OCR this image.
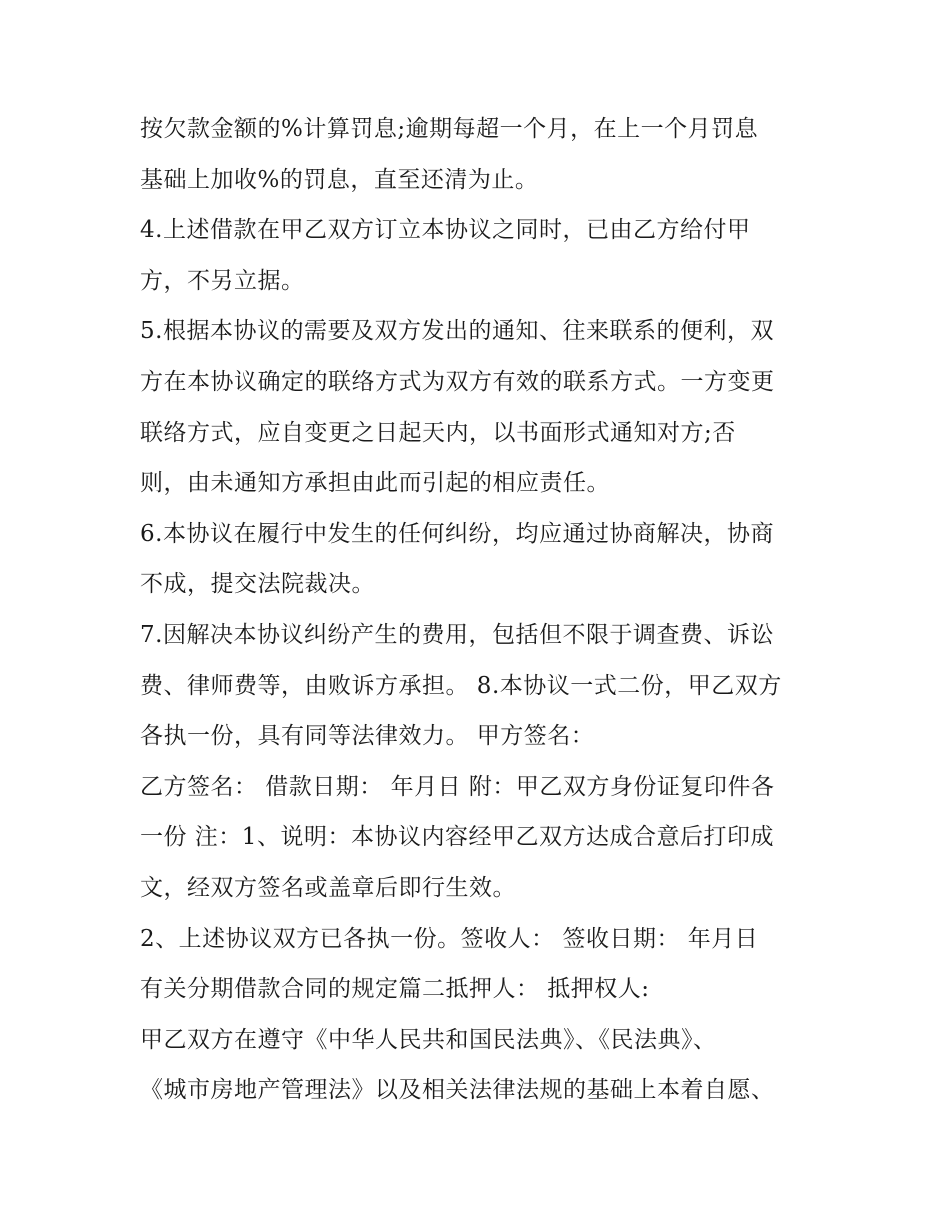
按欠款金额的%计算罚息;逾期每超一个月，在上一个月罚息
基础上加收%的罚息，直至还清为止。
4.上述借款在甲乙双方订立本协议之同时，已由乙方给付甲
方，不另立据。
5.根据本协议的需要及双方发出的通知、往来联系的便利，双
方在本协议确定的联络方式为双方有效的联系方式。一方变更
联络方式，应自变更之日起天内，以书面形式通知对方;否
则，由未通知方承担由此而引起的相应责任。
6.本协议在履行中发生的任何纠纷，均应通过协商解决，协商
不成，提交法院裁决。
7.因解决本协议纠纷产生的费用，包括但不限于调查费、诉讼
费、律师费等，由败诉方承担。 8.本协议一式二份，甲乙双方
各执一份，具有同等法律效力。 甲方签名：
乙方签名： 借款日期： 年月日 附：甲乙双方身份证复印件各
一份 注：1、说明：本协议内容经甲乙双方达成合意后打印成
文，经双方签名或盖章后即行生效。
2、上述协议双方已各执一份。签收人： 签收日期： 年月日
有关分期借款合同的规定篇二抵押人： 抵押权人:
甲乙双方在遵守《中华人民共和国民法典》、《民法典》、
《城市房地产管理法》以及相关法律法规的基础上本着自愿、
